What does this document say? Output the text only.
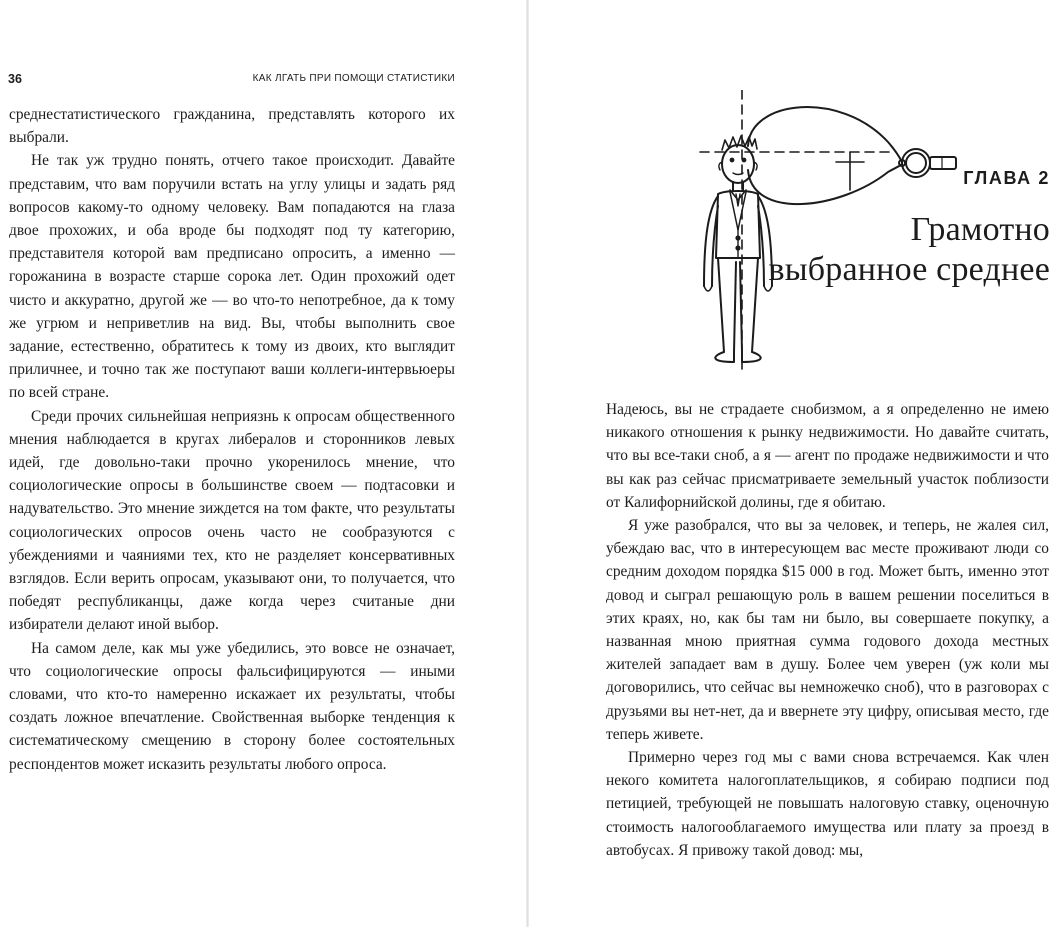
36	КАК ЛГАТЬ ПРИ ПОМОЩИ СТАТИСТИКИ

среднестатистического гражданина, представлять которого их выбрали.

Не так уж трудно понять, отчего такое происходит. Давайте представим, что вам поручили встать на углу улицы и задать ряд вопросов какому-то одному человеку. Вам попадаются на глаза двое прохожих, и оба вроде бы подходят под ту категорию, представителя которой вам предписано опросить, а именно — горожанина в возрасте старше сорока лет. Один прохожий одет чисто и аккуратно, другой же — во что-то непотребное, да к тому же угрюм и неприветлив на вид. Вы, чтобы выполнить свое задание, естественно, обратитесь к тому из двоих, кто выглядит приличнее, и точно так же поступают ваши коллеги-интервьюеры по всей стране.

Среди прочих сильнейшая неприязнь к опросам общественного мнения наблюдается в кругах либералов и сторонников левых идей, где довольно-таки прочно укоренилось мнение, что социологические опросы в большинстве своем — подтасовки и надувательство. Это мнение зиждется на том факте, что результаты социологических опросов очень часто не сообразуются с убеждениями и чаяниями тех, кто не разделяет консервативных взглядов. Если верить опросам, указывают они, то получается, что победят республиканцы, даже когда через считаные дни избиратели делают иной выбор.

На самом деле, как мы уже убедились, это вовсе не означает, что социологические опросы фальсифицируются — иными словами, что кто-то намеренно искажает их результаты, чтобы создать ложное впечатление. Свойственная выборке тенденция к систематическому смещению в сторону более состоятельных респондентов может исказить результаты любого опроса.

ГЛАВА 2
Грамотно
выбранное среднее

Надеюсь, вы не страдаете снобизмом, а я определенно не имею никакого отношения к рынку недвижимости. Но давайте считать, что вы все-таки сноб, а я — агент по продаже недвижимости и что вы как раз сейчас присматриваете земельный участок поблизости от Калифорнийской долины, где я обитаю.

Я уже разобрался, что вы за человек, и теперь, не жалея сил, убеждаю вас, что в интересующем вас месте проживают люди со средним доходом порядка $15 000 в год. Может быть, именно этот довод и сыграл решающую роль в вашем решении поселиться в этих краях, но, как бы там ни было, вы совершаете покупку, а названная мною приятная сумма годового дохода местных жителей западает вам в душу. Более чем уверен (уж коли мы договорились, что сейчас вы немножечко сноб), что в разговорах с друзьями вы нет-нет, да и ввернете эту цифру, описывая место, где теперь живете.

Примерно через год мы с вами снова встречаемся. Как член некого комитета налогоплательщиков, я собираю подписи под петицией, требующей не повышать налоговую ставку, оценочную стоимость налогооблагаемого имущества или плату за проезд в автобусах. Я привожу такой довод: мы,
